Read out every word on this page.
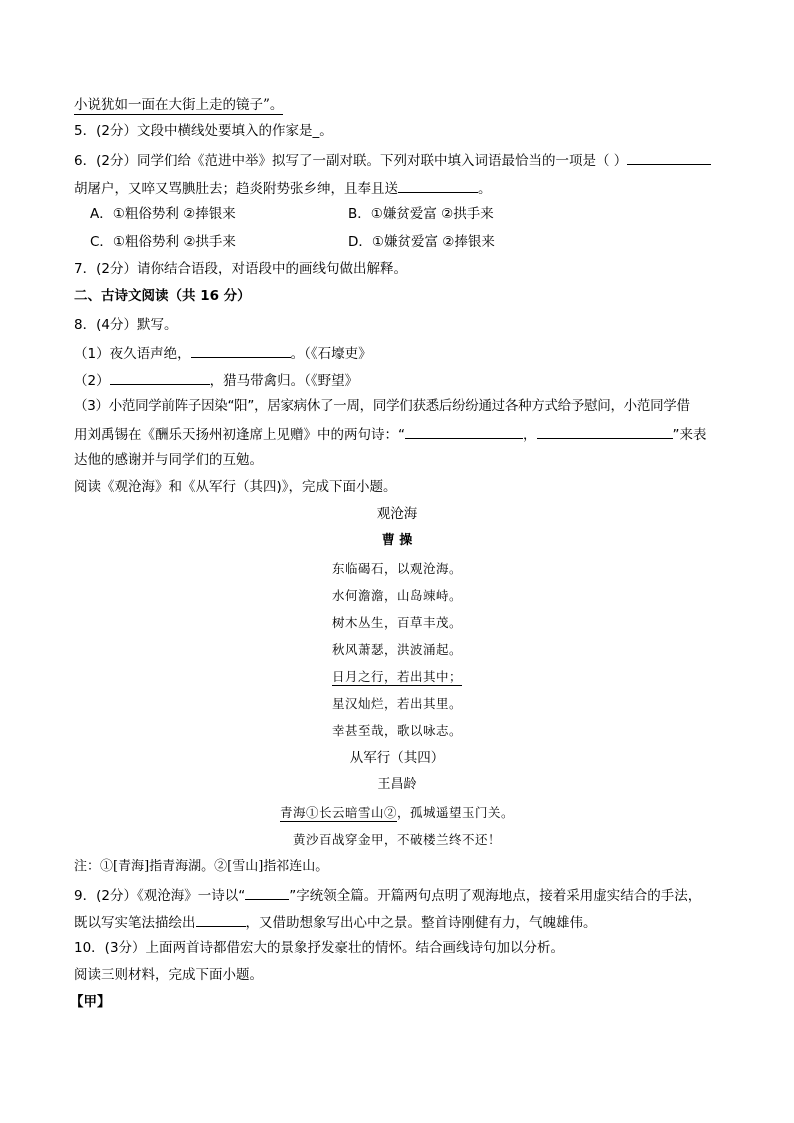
小说犹如一面在大街上走的镜子”。
5．(2分）文段中横线处要填入的作家是_。
6．(2分）同学们给《范进中举》拟写了一副对联。下列对联中填入词语最恰当的一项是（ ）
胡屠户，又啐又骂腆肚去；趋炎附势张乡绅，且奉且送	。
A．①粗俗势利 ②捧银来	B．①嫌贫爱富 ②拱手来
C．①粗俗势利 ②拱手来	D．①嫌贫爱富 ②捧银来
7．(2分）请你结合语段，对语段中的画线句做出解释。
二、古诗文阅读（共 16 分）
8．(4分）默写。
（1）夜久语声绝，	。（《石壕吏》
（2）	，猎马带禽归。（《野望》
（3）小范同学前阵子因染“阳”，居家病休了一周，同学们获悉后纷纷通过各种方式给予慰问，小范同学借
用刘禹锡在《酬乐天扬州初逢席上见赠》中的两句诗：“	，	”来表
达他的感谢并与同学们的互勉。
阅读《观沧海》和《从军行（其四)》，完成下面小题。
观沧海
曹 操
东临碣石，以观沧海。
水何澹澹，山岛竦峙。
树木丛生，百草丰茂。
秋风萧瑟，洪波涌起。
日月之行，若出其中；
星汉灿烂，若出其里。
幸甚至哉，歌以咏志。
从军行（其四）
王昌龄
青海①长云暗雪山②，孤城遥望玉门关。
黄沙百战穿金甲，不破楼兰终不还！
注：①[青海]指青海湖。②[雪山]指祁连山。
9．(2分）《观沧海》一诗以“	”字统领全篇。开篇两句点明了观海地点，接着采用虚实结合的手法，
既以写实笔法描绘出	，又借助想象写出心中之景。整首诗刚健有力，气魄雄伟。
10．(3分）上面两首诗都借宏大的景象抒发豪壮的情怀。结合画线诗句加以分析。
阅读三则材料，完成下面小题。
【甲】
